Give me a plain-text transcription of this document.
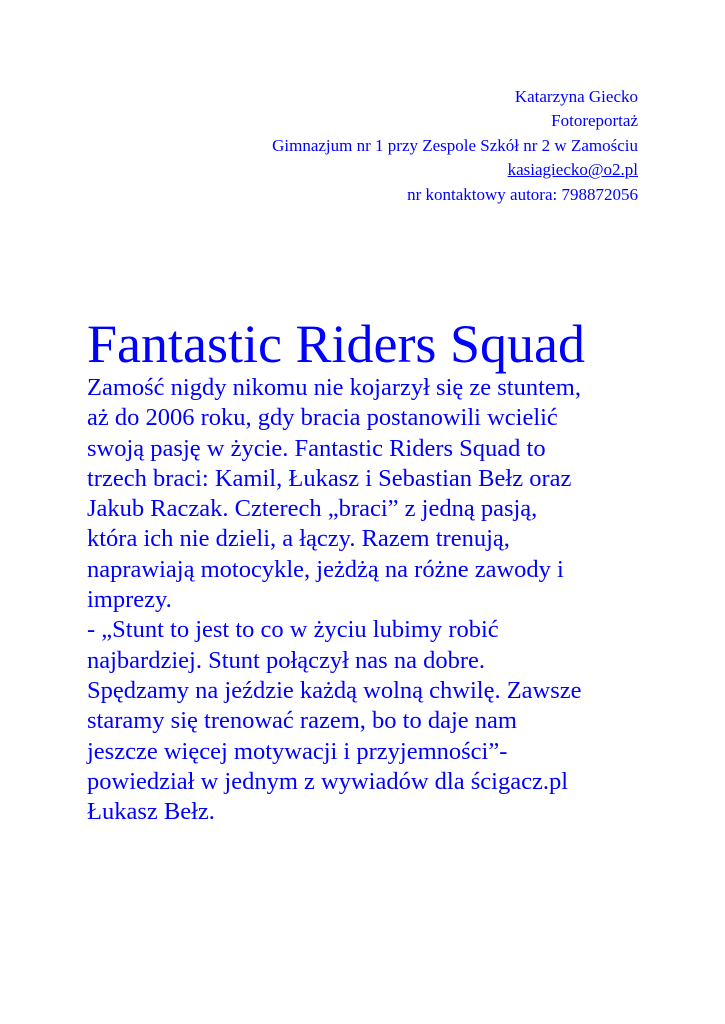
Katarzyna Giecko
Fotoreportaż
Gimnazjum nr 1 przy Zespole Szkół nr 2 w Zamościu
kasiagiecko@o2.pl
nr kontaktowy autora: 798872056
Fantastic Riders Squad
Zamość nigdy nikomu nie kojarzył się ze stuntem,
aż do 2006 roku, gdy bracia postanowili wcielić
swoją pasję w życie. Fantastic Riders Squad to
trzech braci: Kamil, Łukasz i Sebastian Bełz oraz
Jakub Raczak. Czterech „braci” z jedną pasją,
która ich nie dzieli, a łączy. Razem trenują,
naprawiają motocykle, jeżdżą na różne zawody i
imprezy.
- „Stunt to jest to co w życiu lubimy robić
najbardziej. Stunt połączył nas na dobre.
Spędzamy na jeździe każdą wolną chwilę. Zawsze
staramy się trenować razem, bo to daje nam
jeszcze więcej motywacji i przyjemności”-
powiedział w jednym z wywiadów dla ścigacz.pl
Łukasz Bełz.
